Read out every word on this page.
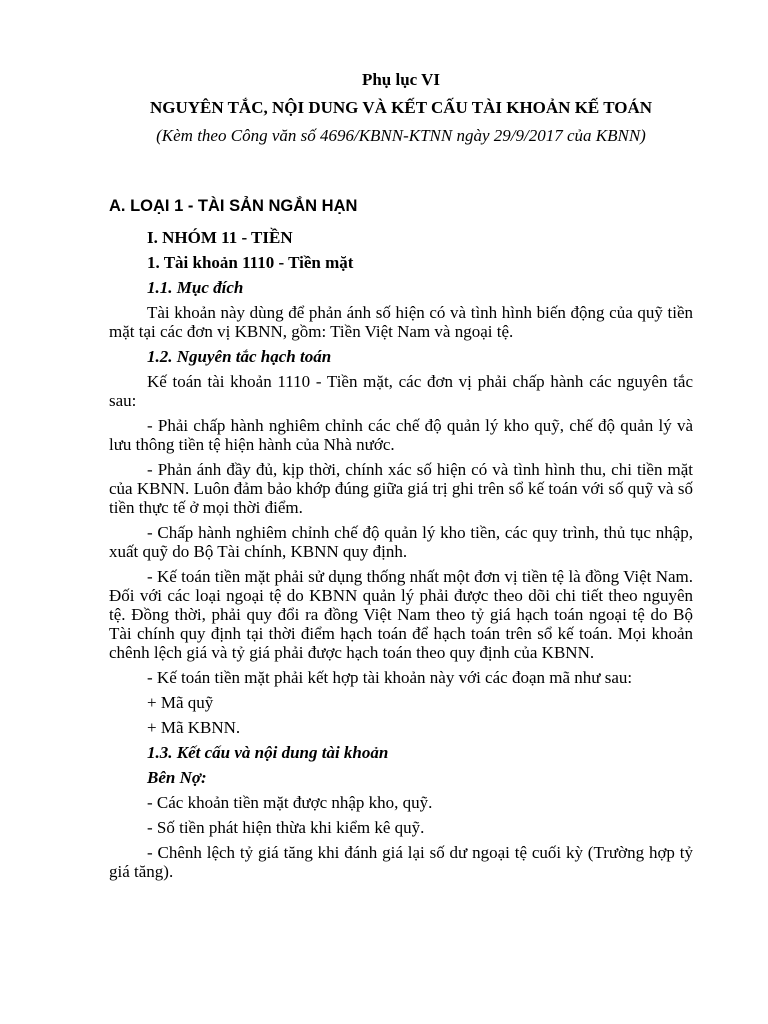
Phụ lục VI

NGUYÊN TẮC, NỘI DUNG VÀ KẾT CẤU TÀI KHOẢN KẾ TOÁN

(Kèm theo Công văn số 4696/KBNN-KTNN ngày 29/9/2017 của KBNN)

A. LOẠI 1 - TÀI SẢN NGẮN HẠN

I. NHÓM 11 - TIỀN

1. Tài khoản 1110 - Tiền mặt

1.1. Mục đích

Tài khoản này dùng để phản ánh số hiện có và tình hình biến động của quỹ tiền mặt tại các đơn vị KBNN, gồm: Tiền Việt Nam và ngoại tệ.

1.2. Nguyên tắc hạch toán

Kế toán tài khoản 1110 - Tiền mặt, các đơn vị phải chấp hành các nguyên tắc sau:

- Phải chấp hành nghiêm chỉnh các chế độ quản lý kho quỹ, chế độ quản lý và lưu thông tiền tệ hiện hành của Nhà nước.

- Phản ánh đầy đủ, kịp thời, chính xác số hiện có và tình hình thu, chi tiền mặt của KBNN. Luôn đảm bảo khớp đúng giữa giá trị ghi trên sổ kế toán với số quỹ và số tiền thực tế ở mọi thời điểm.

- Chấp hành nghiêm chỉnh chế độ quản lý kho tiền, các quy trình, thủ tục nhập, xuất quỹ do Bộ Tài chính, KBNN quy định.

- Kế toán tiền mặt phải sử dụng thống nhất một đơn vị tiền tệ là đồng Việt Nam. Đối với các loại ngoại tệ do KBNN quản lý phải được theo dõi chi tiết theo nguyên tệ. Đồng thời, phải quy đổi ra đồng Việt Nam theo tỷ giá hạch toán ngoại tệ do Bộ Tài chính quy định tại thời điểm hạch toán để hạch toán trên sổ kế toán. Mọi khoản chênh lệch giá và tỷ giá phải được hạch toán theo quy định của KBNN.

- Kế toán tiền mặt phải kết hợp tài khoản này với các đoạn mã như sau:

+ Mã quỹ

+ Mã KBNN.

1.3. Kết cấu và nội dung tài khoản

Bên Nợ:

- Các khoản tiền mặt được nhập kho, quỹ.

- Số tiền phát hiện thừa khi kiểm kê quỹ.

- Chênh lệch tỷ giá tăng khi đánh giá lại số dư ngoại tệ cuối kỳ (Trường hợp tỷ giá tăng).
